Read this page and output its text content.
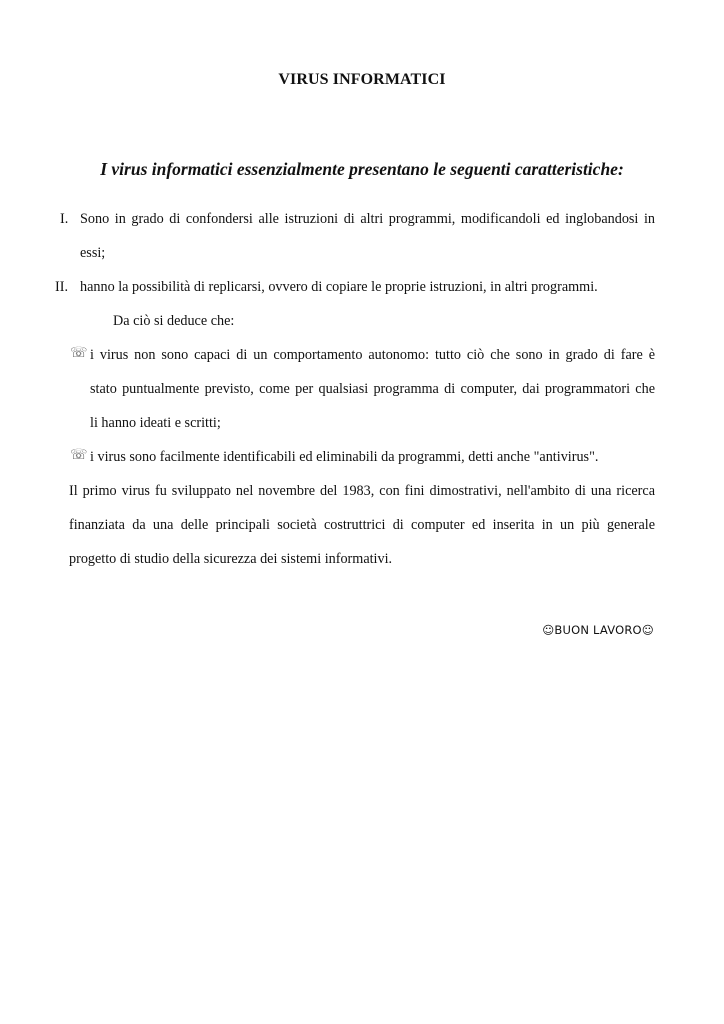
VIRUS INFORMATICI
I virus informatici essenzialmente presentano le seguenti caratteristiche:
I. Sono in grado di confondersi alle istruzioni di altri programmi, modificandoli ed inglobandosi in
essi;
II. hanno la possibilità di replicarsi, ovvero di copiare le proprie istruzioni, in altri programmi.
Da ciò si deduce che:
☏ i virus non sono capaci di un comportamento autonomo: tutto ciò che sono in grado di fare è
stato puntualmente previsto, come per qualsiasi programma di computer, dai programmatori che
li hanno ideati e scritti;
☏ i virus sono facilmente identificabili ed eliminabili da programmi, detti anche "antivirus".
Il primo virus fu sviluppato nel novembre del 1983, con fini dimostrativi, nell'ambito di una ricerca
finanziata da una delle principali società costruttrici di computer ed inserita in un più generale
progetto di studio della sicurezza dei sistemi informativi.
☺BUON LAVORO☺
